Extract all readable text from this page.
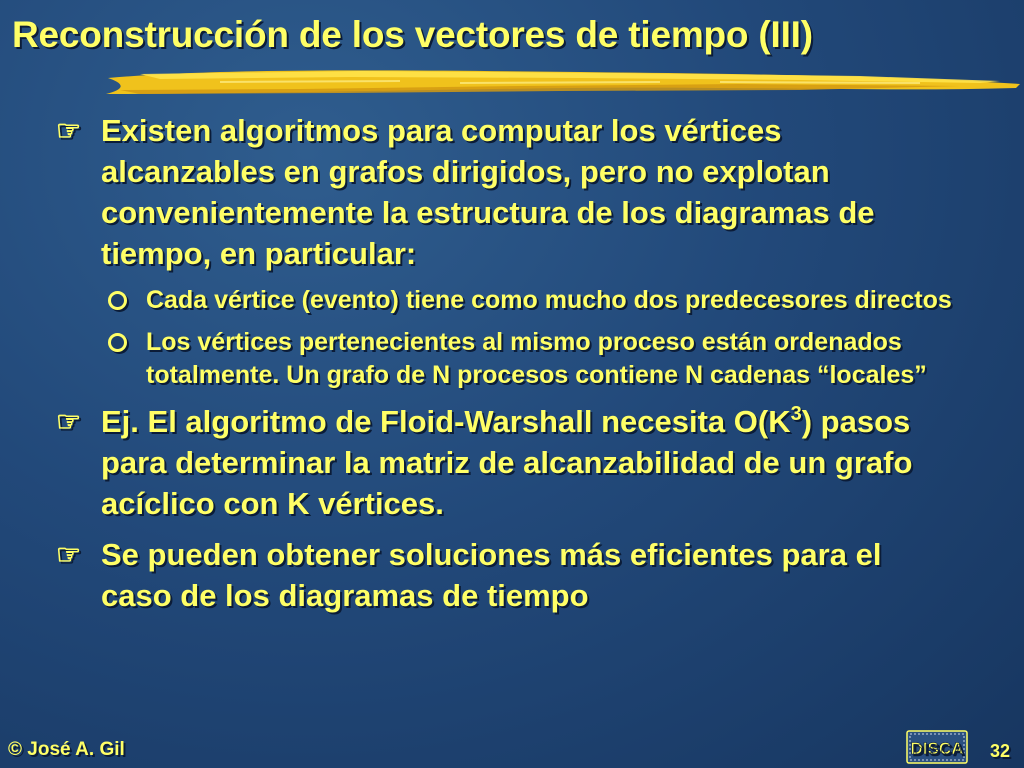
Reconstrucción de los vectores de tiempo (III)
☞ Existen algoritmos para computar los vértices alcanzables en grafos dirigidos, pero no explotan convenientemente la estructura de los diagramas de tiempo, en particular:
Cada vértice (evento) tiene como mucho dos predecesores directos
Los vértices pertenecientes al mismo proceso están ordenados totalmente. Un grafo de N procesos contiene N cadenas “locales”
☞ Ej. El algoritmo de Floid-Warshall necesita $O(K^3)$ pasos para determinar la matriz de alcanzabilidad de un grafo acíclico con K vértices.
☞ Se pueden obtener soluciones más eficientes para el caso de los diagramas de tiempo
© José A. Gil	DISCA 32
